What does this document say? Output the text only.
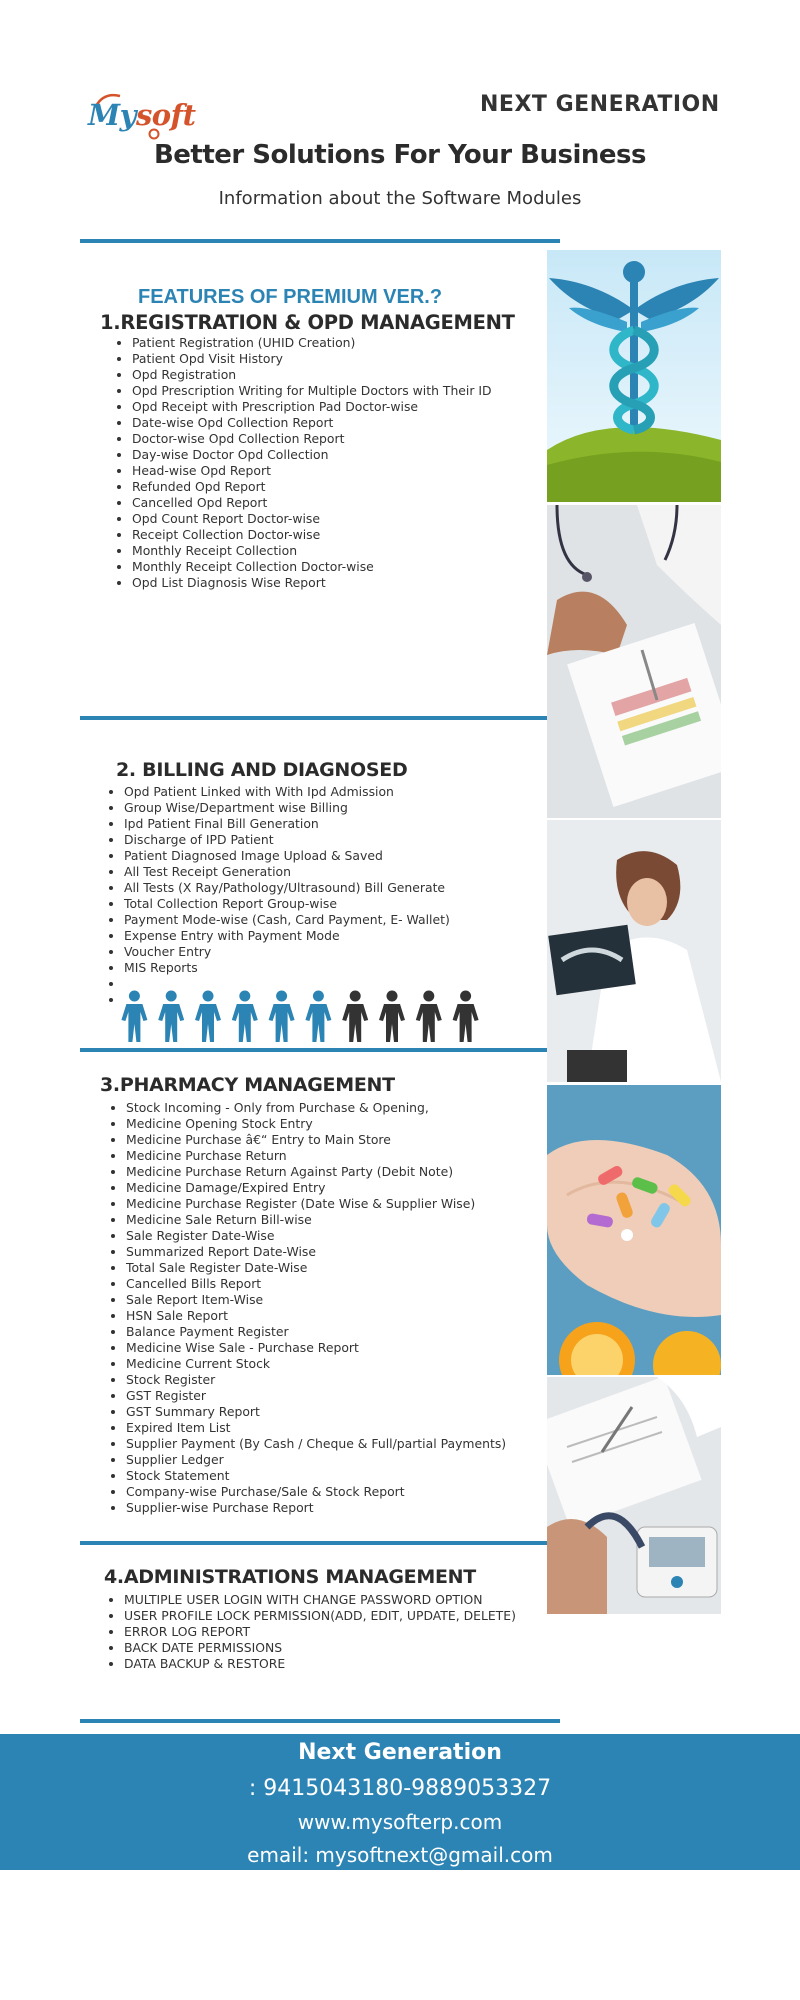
Mysoft	NEXT GENERATION
Better Solutions For Your Business
Information about the Software Modules
FEATURES OF PREMIUM VER.?
1.REGISTRATION & OPD MANAGEMENT
• Patient Registration (UHID Creation)
• Patient Opd Visit History
• Opd Registration
• Opd Prescription Writing for Multiple Doctors with Their ID
• Opd Receipt with Prescription Pad Doctor-wise
• Date-wise Opd Collection Report
• Doctor-wise Opd Collection Report
• Day-wise Doctor Opd Collection
• Head-wise Opd Report
• Refunded Opd Report
• Cancelled Opd Report
• Opd Count Report Doctor-wise
• Receipt Collection Doctor-wise
• Monthly Receipt Collection
• Monthly Receipt Collection Doctor-wise
• Opd List Diagnosis Wise Report
2. BILLING AND DIAGNOSED
• Opd Patient Linked with With Ipd Admission
• Group Wise/Department wise Billing
• Ipd Patient Final Bill Generation
• Discharge of IPD Patient
• Patient Diagnosed Image Upload & Saved
• All Test Receipt Generation
• All Tests (X Ray/Pathology/Ultrasound) Bill Generate
• Total Collection Report Group-wise
• Payment Mode-wise (Cash, Card Payment, E- Wallet)
• Expense Entry with Payment Mode
• Voucher Entry
• MIS Reports
•
•
3.PHARMACY MANAGEMENT
• Stock Incoming - Only from Purchase & Opening,
• Medicine Opening Stock Entry
• Medicine Purchase â€“ Entry to Main Store
• Medicine Purchase Return
• Medicine Purchase Return Against Party (Debit Note)
• Medicine Damage/Expired Entry
• Medicine Purchase Register (Date Wise & Supplier Wise)
• Medicine Sale Return Bill-wise
• Sale Register Date-Wise
• Summarized Report Date-Wise
• Total Sale Register Date-Wise
• Cancelled Bills Report
• Sale Report Item-Wise
• HSN Sale Report
• Balance Payment Register
• Medicine Wise Sale - Purchase Report
• Medicine Current Stock
• Stock Register
• GST Register
• GST Summary Report
• Expired Item List
• Supplier Payment (By Cash / Cheque & Full/partial Payments)
• Supplier Ledger
• Stock Statement
• Company-wise Purchase/Sale & Stock Report
• Supplier-wise Purchase Report
4.ADMINISTRATIONS MANAGEMENT
• MULTIPLE USER LOGIN WITH CHANGE PASSWORD OPTION
• USER PROFILE LOCK PERMISSION(ADD, EDIT, UPDATE, DELETE)
• ERROR LOG REPORT
• BACK DATE PERMISSIONS
• DATA BACKUP & RESTORE
Next Generation
: 9415043180-9889053327
www.mysofterp.com
email: mysoftnext@gmail.com
